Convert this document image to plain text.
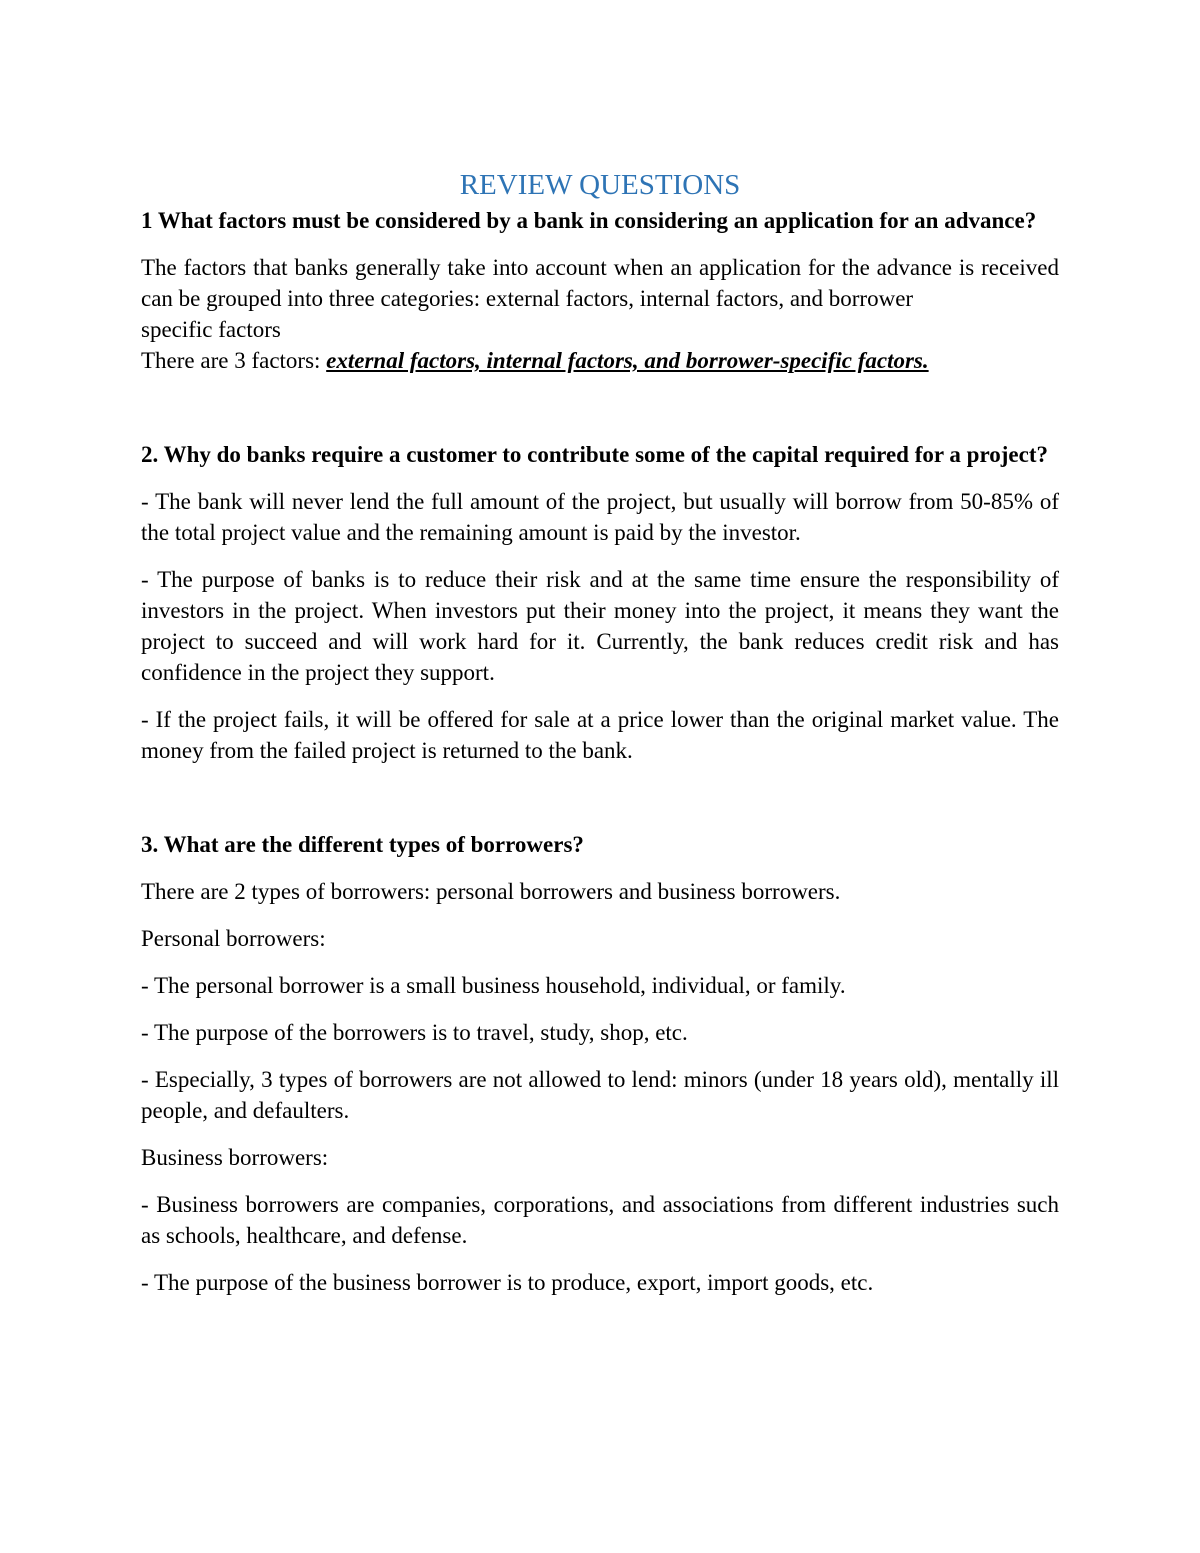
REVIEW QUESTIONS

1 What factors must be considered by a bank in considering an application for an advance?

The factors that banks generally take into account when an application for the advance is received can be grouped into three categories: external factors, internal factors, and borrower
specific factors
There are 3 factors: external factors, internal factors, and borrower-specific factors.

2. Why do banks require a customer to contribute some of the capital required for a project?

- The bank will never lend the full amount of the project, but usually will borrow from 50-85% of the total project value and the remaining amount is paid by the investor.

- The purpose of banks is to reduce their risk and at the same time ensure the responsibility of investors in the project. When investors put their money into the project, it means they want the project to succeed and will work hard for it. Currently, the bank reduces credit risk and has confidence in the project they support.

- If the project fails, it will be offered for sale at a price lower than the original market value. The money from the failed project is returned to the bank.

3. What are the different types of borrowers?

There are 2 types of borrowers: personal borrowers and business borrowers.

Personal borrowers:

- The personal borrower is a small business household, individual, or family.

- The purpose of the borrowers is to travel, study, shop, etc.

- Especially, 3 types of borrowers are not allowed to lend: minors (under 18 years old), mentally ill people, and defaulters.

Business borrowers:

- Business borrowers are companies, corporations, and associations from different industries such as schools, healthcare, and defense.

- The purpose of the business borrower is to produce, export, import goods, etc.
